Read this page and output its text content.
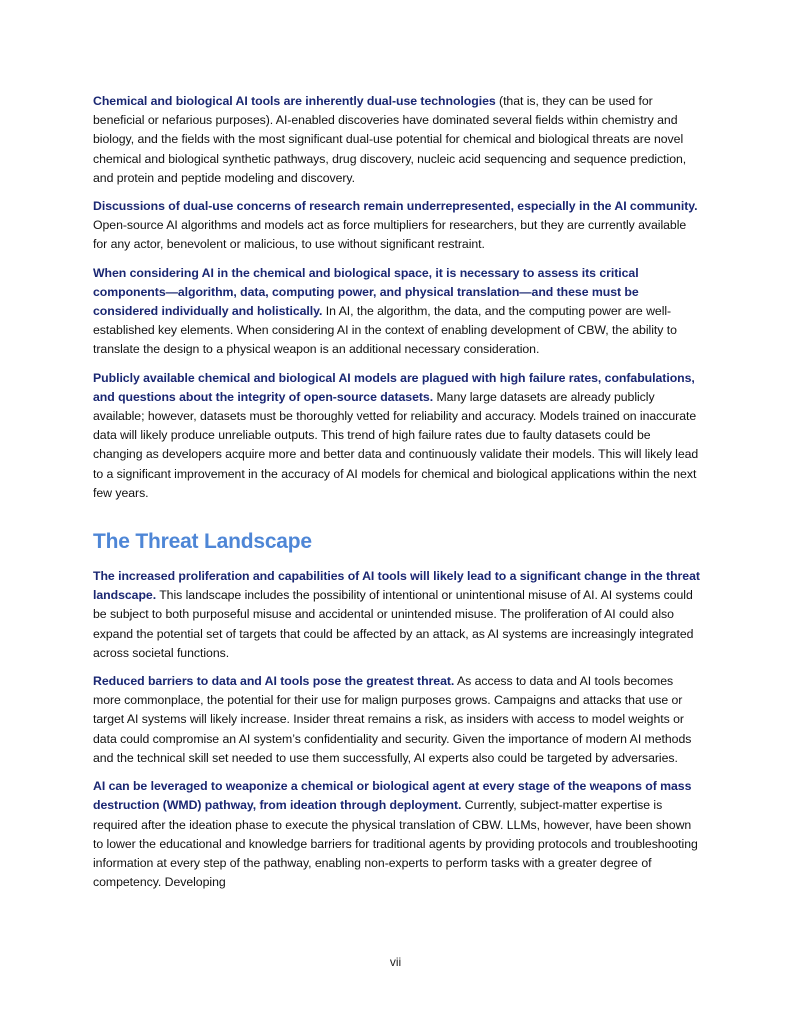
Chemical and biological AI tools are inherently dual-use technologies (that is, they can be used for beneficial or nefarious purposes). AI-enabled discoveries have dominated several fields within chemistry and biology, and the fields with the most significant dual-use potential for chemical and biological threats are novel chemical and biological synthetic pathways, drug discovery, nucleic acid sequencing and sequence prediction, and protein and peptide modeling and discovery.

Discussions of dual-use concerns of research remain underrepresented, especially in the AI community. Open-source AI algorithms and models act as force multipliers for researchers, but they are currently available for any actor, benevolent or malicious, to use without significant restraint.

When considering AI in the chemical and biological space, it is necessary to assess its critical components—algorithm, data, computing power, and physical translation—and these must be considered individually and holistically. In AI, the algorithm, the data, and the computing power are well-established key elements. When considering AI in the context of enabling development of CBW, the ability to translate the design to a physical weapon is an additional necessary consideration.

Publicly available chemical and biological AI models are plagued with high failure rates, confabulations, and questions about the integrity of open-source datasets. Many large datasets are already publicly available; however, datasets must be thoroughly vetted for reliability and accuracy. Models trained on inaccurate data will likely produce unreliable outputs. This trend of high failure rates due to faulty datasets could be changing as developers acquire more and better data and continuously validate their models. This will likely lead to a significant improvement in the accuracy of AI models for chemical and biological applications within the next few years.

The Threat Landscape

The increased proliferation and capabilities of AI tools will likely lead to a significant change in the threat landscape. This landscape includes the possibility of intentional or unintentional misuse of AI. AI systems could be subject to both purposeful misuse and accidental or unintended misuse. The proliferation of AI could also expand the potential set of targets that could be affected by an attack, as AI systems are increasingly integrated across societal functions.

Reduced barriers to data and AI tools pose the greatest threat. As access to data and AI tools becomes more commonplace, the potential for their use for malign purposes grows. Campaigns and attacks that use or target AI systems will likely increase. Insider threat remains a risk, as insiders with access to model weights or data could compromise an AI system’s confidentiality and security. Given the importance of modern AI methods and the technical skill set needed to use them successfully, AI experts also could be targeted by adversaries.

AI can be leveraged to weaponize a chemical or biological agent at every stage of the weapons of mass destruction (WMD) pathway, from ideation through deployment. Currently, subject-matter expertise is required after the ideation phase to execute the physical translation of CBW. LLMs, however, have been shown to lower the educational and knowledge barriers for traditional agents by providing protocols and troubleshooting information at every step of the pathway, enabling non-experts to perform tasks with a greater degree of competency. Developing

vii
